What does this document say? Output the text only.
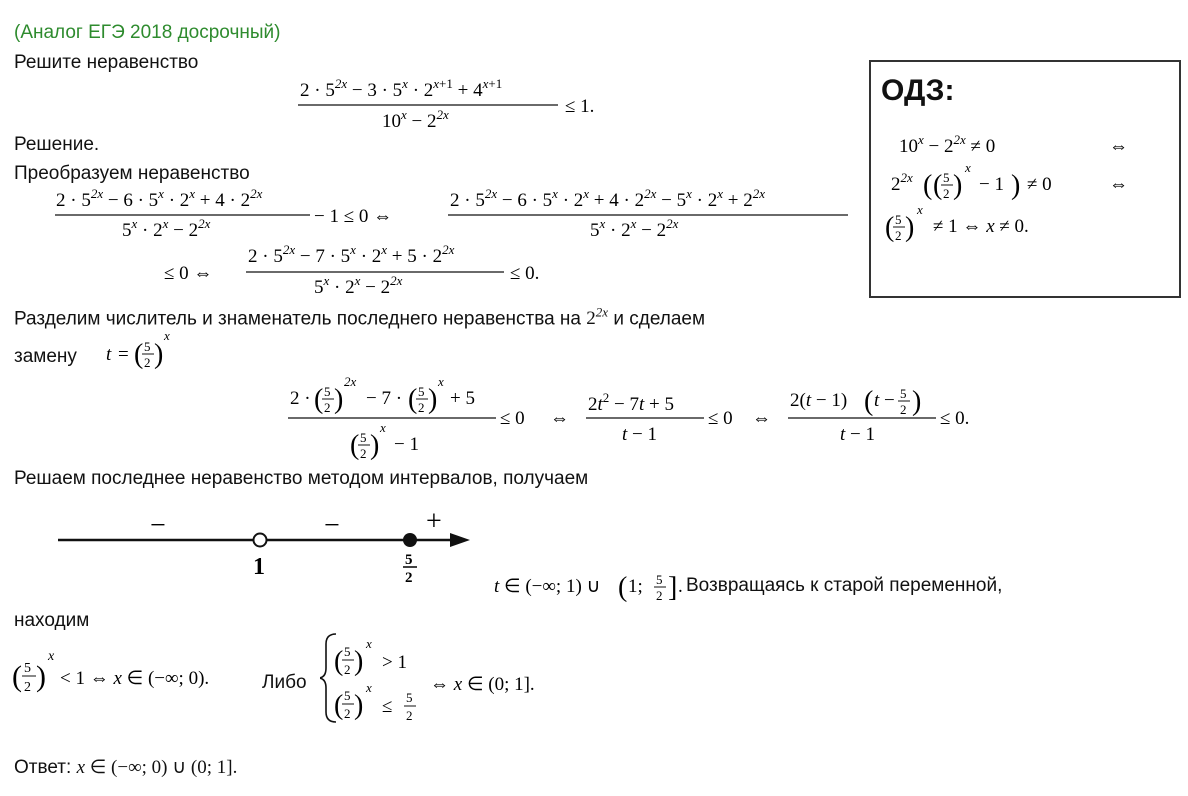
(Аналог ЕГЭ 2018 досрочный)
Решите неравенство
$2 \cdot 5^{2x} - 3 \cdot 5^x \cdot 2^{x+1} + 4^{x+1}$
$10^x - 2^{2x}$	≤ 1.
Решение.
Преобразуем неравенство
$2 \cdot 5^{2x} - 6 \cdot 5^x \cdot 2^x + 4 \cdot 2^{2x}$
$5^x \cdot 2^x - 2^{2x}$	− 1 ≤ 0 ⇔
$2 \cdot 5^{2x} - 6 \cdot 5^x \cdot 2^x + 4 \cdot 2^{2x} - 5^x \cdot 2^x + 2^{2x}$
$5^x \cdot 2^x - 2^{2x}$
≤ 0 ⇔
$2 \cdot 5^{2x} - 7 \cdot 5^x \cdot 2^x + 5 \cdot 2^{2x}$
$5^x \cdot 2^x - 2^{2x}$	≤ 0.
Разделим числитель и знаменатель последнего неравенства на $2^{2x}$ и сделаем
замену t = ( 5
2 )
x
2 · ( 5
2 )
2x
− 7 · ( 5
2 )
x
+ 5
( 5
2 )
x
− 1
≤ 0 ⇔
$2t^2 - 7t + 5$
t − 1
≤ 0 ⇔
2(t − 1) ( t − 5
2 )
t − 1
≤ 0.
Решаем последнее неравенство методом интервалов, получаем
−	−	+
1	5
2	t ∈ (−∞; 1) ∪ ( 1; 5
2 ] . Возвращаясь к старой переменной,
находим
( 5
2 )
x
< 1 ⇔ x ∈ (−∞; 0).	Либо
( 5
2 )
x
> 1
( 5
2 )
x
≤ 5
2
⇔ x ∈ (0; 1].
Ответ: x ∈ (−∞; 0) ∪ (0; 1].
ОДЗ:
$10^x - 2^{2x} \ne 0$	⇔
$2^{2x}$ ( ( 5
2 )
x
− 1 ) ≠ 0	⇔
( 5
2 )
x
≠ 1 ⇔ x ≠ 0.
